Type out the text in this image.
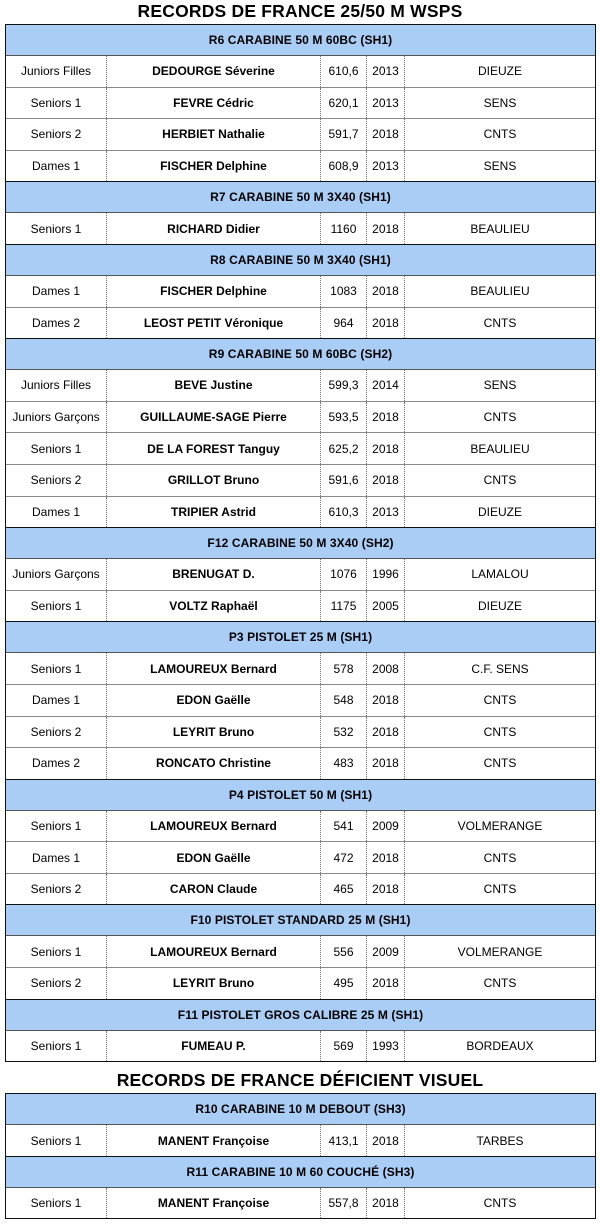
RECORDS DE FRANCE 25/50 M WSPS
R6 CARABINE 50 M 60BC (SH1)
Juniors Filles	DEDOURGE Séverine	610,6	2013	DIEUZE
Seniors 1	FEVRE Cédric	620,1	2013	SENS
Seniors 2	HERBIET Nathalie	591,7	2018	CNTS
Dames 1	FISCHER Delphine	608,9	2013	SENS
R7 CARABINE 50 M 3X40 (SH1)
Seniors 1	RICHARD Didier	1160	2018	BEAULIEU
R8 CARABINE 50 M 3X40 (SH1)
Dames 1	FISCHER Delphine	1083	2018	BEAULIEU
Dames 2	LEOST PETIT Véronique	964	2018	CNTS
R9 CARABINE 50 M 60BC (SH2)
Juniors Filles	BEVE Justine	599,3	2014	SENS
Juniors Garçons	GUILLAUME-SAGE Pierre	593,5	2018	CNTS
Seniors 1	DE LA FOREST Tanguy	625,2	2018	BEAULIEU
Seniors 2	GRILLOT Bruno	591,6	2018	CNTS
Dames 1	TRIPIER Astrid	610,3	2013	DIEUZE
F12 CARABINE 50 M 3X40 (SH2)
Juniors Garçons	BRENUGAT D.	1076	1996	LAMALOU
Seniors 1	VOLTZ Raphaël	1175	2005	DIEUZE
P3 PISTOLET 25 M (SH1)
Seniors 1	LAMOUREUX Bernard	578	2008	C.F. SENS
Dames 1	EDON Gaëlle	548	2018	CNTS
Seniors 2	LEYRIT Bruno	532	2018	CNTS
Dames 2	RONCATO Christine	483	2018	CNTS
P4 PISTOLET 50 M (SH1)
Seniors 1	LAMOUREUX Bernard	541	2009	VOLMERANGE
Dames 1	EDON Gaëlle	472	2018	CNTS
Seniors 2	CARON Claude	465	2018	CNTS
F10 PISTOLET STANDARD 25 M (SH1)
Seniors 1	LAMOUREUX Bernard	556	2009	VOLMERANGE
Seniors 2	LEYRIT Bruno	495	2018	CNTS
F11 PISTOLET GROS CALIBRE 25 M (SH1)
Seniors 1	FUMEAU P.	569	1993	BORDEAUX
RECORDS DE FRANCE DÉFICIENT VISUEL
R10 CARABINE 10 M DEBOUT (SH3)
Seniors 1	MANENT Françoise	413,1	2018	TARBES
R11 CARABINE 10 M 60 COUCHÉ (SH3)
Seniors 1	MANENT Françoise	557,8	2018	CNTS
